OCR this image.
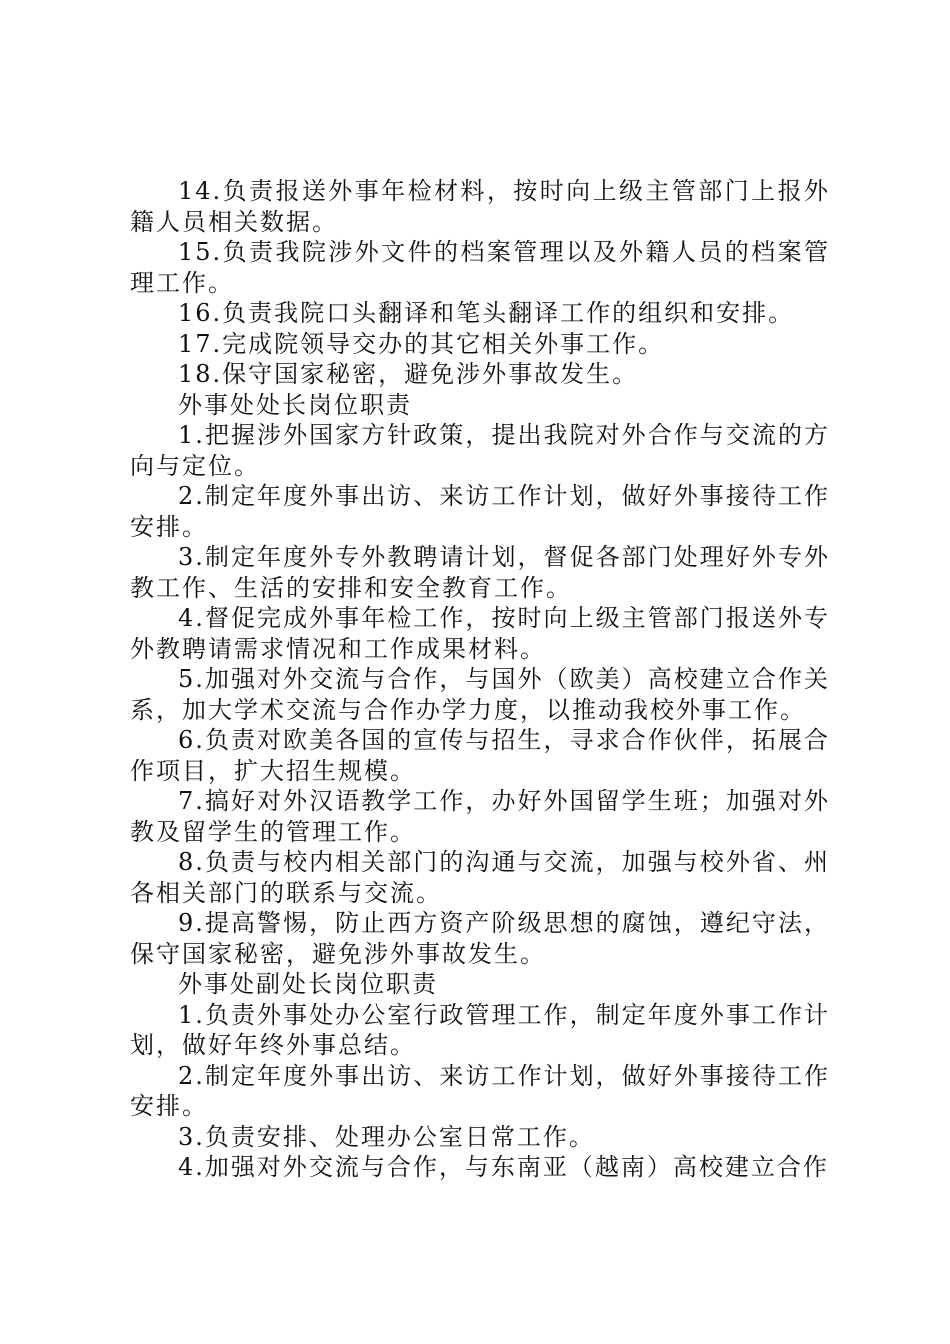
14.负责报送外事年检材料，按时向上级主管部门上报外籍人员相关数据。

15.负责我院涉外文件的档案管理以及外籍人员的档案管理工作。

16.负责我院口头翻译和笔头翻译工作的组织和安排。

17.完成院领导交办的其它相关外事工作。

18.保守国家秘密，避免涉外事故发生。

外事处处长岗位职责

1.把握涉外国家方针政策，提出我院对外合作与交流的方向与定位。

2.制定年度外事出访、来访工作计划，做好外事接待工作安排。

3.制定年度外专外教聘请计划，督促各部门处理好外专外教工作、生活的安排和安全教育工作。

4.督促完成外事年检工作，按时向上级主管部门报送外专外教聘请需求情况和工作成果材料。

5.加强对外交流与合作，与国外（欧美）高校建立合作关系，加大学术交流与合作办学力度，以推动我校外事工作。

6.负责对欧美各国的宣传与招生，寻求合作伙伴，拓展合作项目，扩大招生规模。

7.搞好对外汉语教学工作，办好外国留学生班；加强对外教及留学生的管理工作。

8.负责与校内相关部门的沟通与交流，加强与校外省、州各相关部门的联系与交流。

9.提高警惕，防止西方资产阶级思想的腐蚀，遵纪守法，保守国家秘密，避免涉外事故发生。

外事处副处长岗位职责

1.负责外事处办公室行政管理工作，制定年度外事工作计划，做好年终外事总结。

2.制定年度外事出访、来访工作计划，做好外事接待工作安排。

3.负责安排、处理办公室日常工作。

4.加强对外交流与合作，与东南亚（越南）高校建立合作
